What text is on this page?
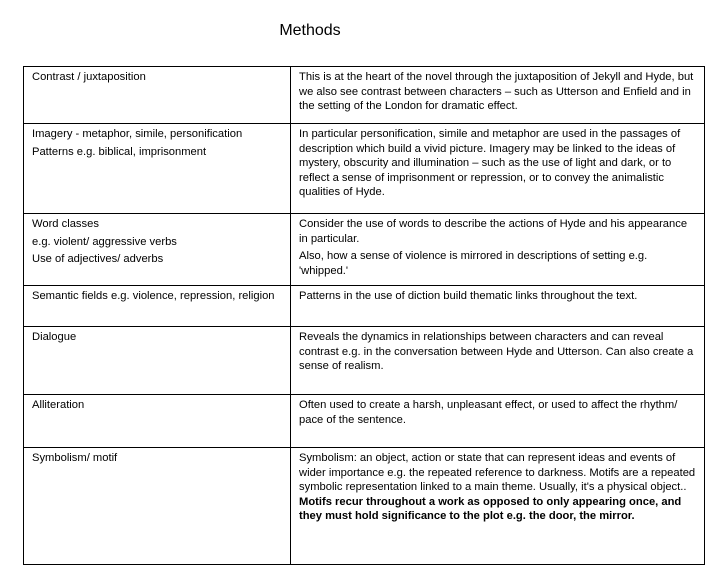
Methods
Contrast / juxtaposition	This is at the heart of the novel through the juxtaposition of Jekyll and Hyde, but we also see contrast between characters – such as Utterson and Enfield and in the setting of the London for dramatic effect.

Imagery - metaphor, simile, personification
Patterns e.g. biblical, imprisonment	In particular personification, simile and metaphor are used in the passages of description which build a vivid picture. Imagery may be linked to the ideas of mystery, obscurity and illumination – such as the use of light and dark, or to reflect a sense of imprisonment or repression, or to convey the animalistic qualities of Hyde.

Word classes
e.g. violent/ aggressive verbs
Use of adjectives/ adverbs	Consider the use of words to describe the actions of Hyde and his appearance in particular.
Also, how a sense of violence is mirrored in descriptions of setting e.g. 'whipped.'

Semantic fields e.g. violence, repression, religion	Patterns in the use of diction build thematic links throughout the text.

Dialogue	Reveals the dynamics in relationships between characters and can reveal contrast e.g. in the conversation between Hyde and Utterson. Can also create a sense of realism.

Alliteration	Often used to create a harsh, unpleasant effect, or used to affect the rhythm/ pace of the sentence.

Symbolism/ motif	Symbolism: an object, action or state that can represent ideas and events of wider importance e.g. the repeated reference to darkness. Motifs are a repeated symbolic representation linked to a main theme. Usually, it's a physical object.. Motifs recur throughout a work as opposed to only appearing once, and they must hold significance to the plot e.g. the door, the mirror.
